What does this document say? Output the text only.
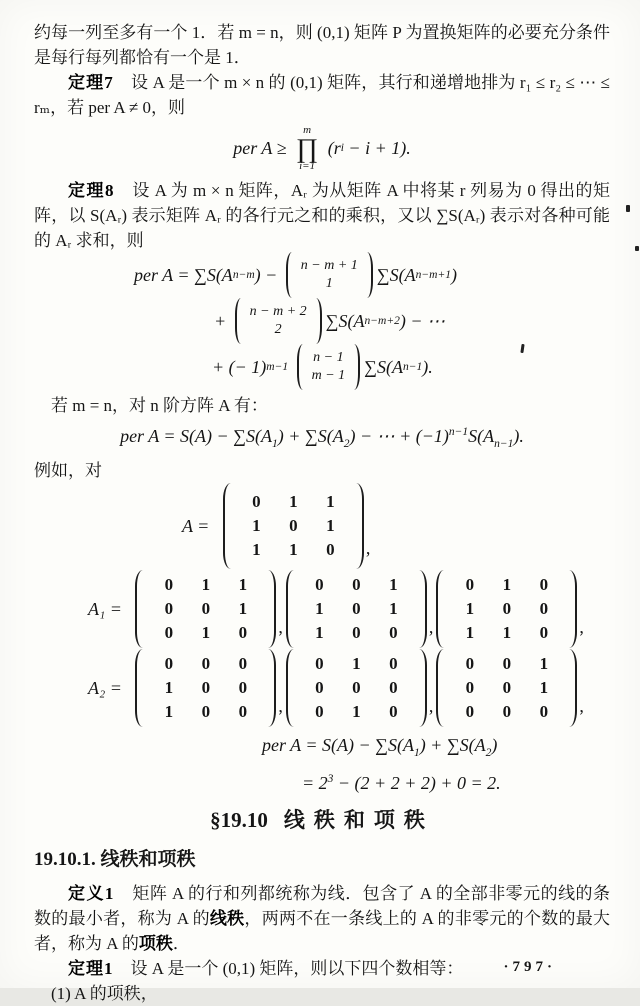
约每一列至多有一个 1．若 m = n，则 (0,1) 矩阵 P 为置换矩阵的必要充分条件是每行每列都恰有一个是 1．

定理7　设 A 是一个 m × n 的 (0,1) 矩阵，其行和递增地排为 r₁ ≤ r₂ ≤ ⋯ ≤ rₘ，若 per A ≠ 0，则

per A ≥
m
∏
i=1
(r i − i + 1).

定理8　设 A 为 m × n 矩阵，Aᵣ 为从矩阵 A 中将某 r 列易为 0 得出的矩阵，以 S(Aᵣ) 表示矩阵 Aᵣ 的各行元之和的乘积，又以 ∑S(Aᵣ) 表示对各种可能的 Aᵣ 求和，则

per A = ∑S(A n−m ) − n − m + 1
1 ∑S(A n−m+1 )
+ n − m + 2
2 ∑S(A n−m+2 ) − ⋯
+ (− 1) m−1

n − 1
m − 1 ∑S(A n−1 ).

若 m = n，对 n 阶方阵 A 有：

per $A = S(A) - \sum S(A_1) + \sum S(A_2)$ − ⋯ + $(-1)^{n-1}S(A_{n-1})$.

例如，对

A =
0	1	1
1	0	1
1	1	0	,
A₁ =
0	1	1
0	0	1
0	1	0	,
0	0	1
1	0	1
1	0	0	,
0	1	0
1	0	0
1	1	0	,
A₂ =
0	0	0
1	0	0
1	0	0	,
0	1	0
0	0	0
0	1	0	,
0	0	1
0	0	1
0	0	0	,
per $A = S(A) - \sum S(A_1) + \sum S(A_2)$
= $2^3 - (2 + 2 + 2) + 0 = 2$.
§19.10 线秩和项秩
19.10.1. 线秩和项秩

定义1　矩阵 A 的行和列都统称为线．包含了 A 的全部非零元的线的条数的最小者，称为 A 的线秩，两两不在一条线上的 A 的非零元的个数的最大者，称为 A 的项秩．

定理1　设 A 是一个 (0,1) 矩阵，则以下四个数相等：

(1) A 的项秩，

·797·
